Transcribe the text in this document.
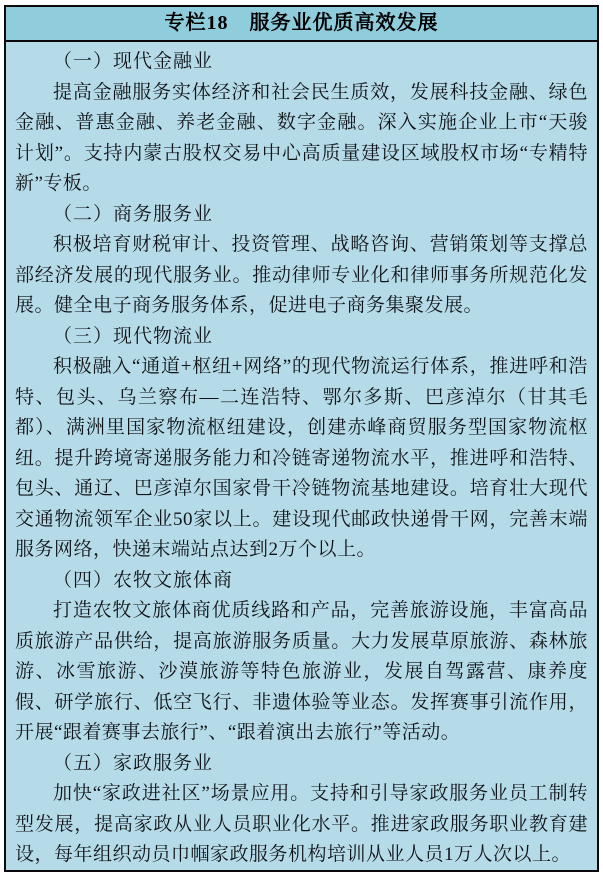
专栏18　服务业优质高效发展
（一）现代金融业

提高金融服务实体经济和社会民生质效，发展科技金融、绿色金融、普惠金融、养老金融、数字金融。深入实施企业上市“天骏计划”。支持内蒙古股权交易中心高质量建设区域股权市场“专精特新”专板。

（二）商务服务业

积极培育财税审计、投资管理、战略咨询、营销策划等支撑总部经济发展的现代服务业。推动律师专业化和律师事务所规范化发展。健全电子商务服务体系，促进电子商务集聚发展。

（三）现代物流业

积极融入“通道+枢纽+网络”的现代物流运行体系，推进呼和浩特、包头、乌兰察布—二连浩特、鄂尔多斯、巴彦淖尔（甘其毛都）、满洲里国家物流枢纽建设，创建赤峰商贸服务型国家物流枢纽。提升跨境寄递服务能力和冷链寄递物流水平，推进呼和浩特、包头、通辽、巴彦淖尔国家骨干冷链物流基地建设。培育壮大现代交通物流领军企业50家以上。建设现代邮政快递骨干网，完善末端服务网络，快递末端站点达到2万个以上。

（四）农牧文旅体商

打造农牧文旅体商优质线路和产品，完善旅游设施，丰富高品质旅游产品供给，提高旅游服务质量。大力发展草原旅游、森林旅游、冰雪旅游、沙漠旅游等特色旅游业，发展自驾露营、康养度假、研学旅行、低空飞行、非遗体验等业态。发挥赛事引流作用，开展“跟着赛事去旅行”、“跟着演出去旅行”等活动。

（五）家政服务业

加快“家政进社区”场景应用。支持和引导家政服务业员工制转型发展，提高家政从业人员职业化水平。推进家政服务职业教育建设，每年组织动员巾帼家政服务机构培训从业人员1万人次以上。
